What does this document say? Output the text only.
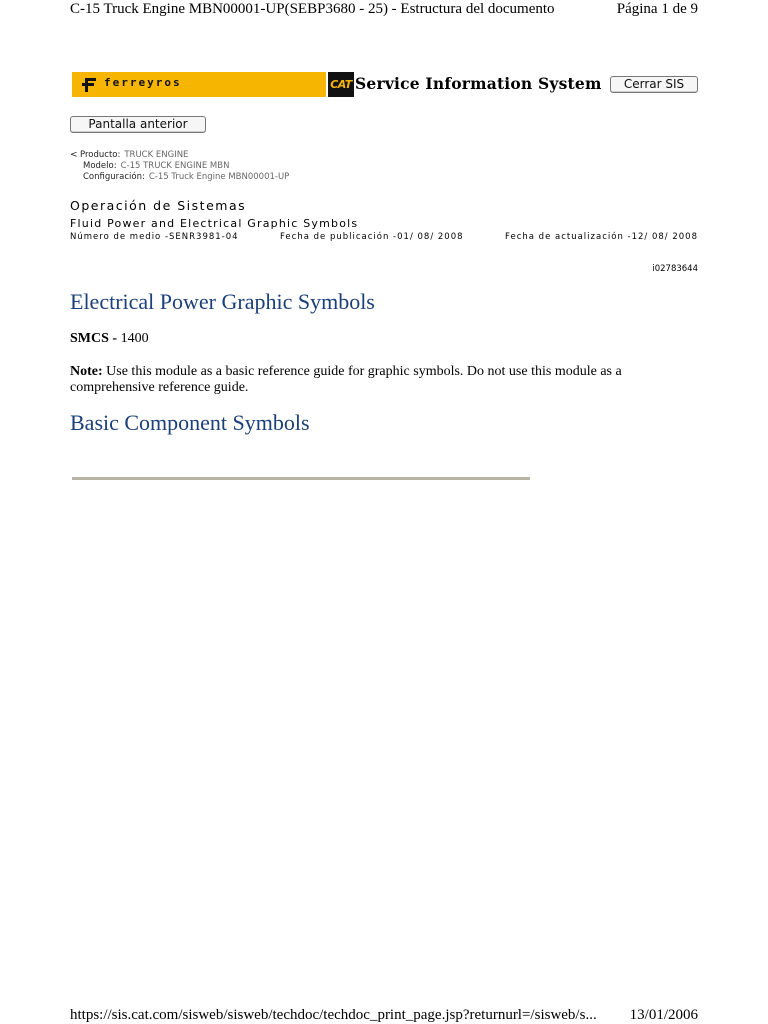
C-15 Truck Engine MBN00001-UP(SEBP3680 - 25) - Estructura del documento	Página 1 de 9
ferreyros	CAT Service Information System	Cerrar SIS
Pantalla anterior
< Producto: TRUCK ENGINE
Modelo: C-15 TRUCK ENGINE MBN
Configuración: C-15 Truck Engine MBN00001-UP
Operación de Sistemas
Fluid Power and Electrical Graphic Symbols
Número de medio -SENR3981-04	Fecha de publicación -01/ 08/ 2008	Fecha de actualización -12/ 08/ 2008
i02783644
Electrical Power Graphic Symbols
SMCS - 1400
Note: Use this module as a basic reference guide for graphic symbols. Do not use this module as a comprehensive reference guide.
Basic Component Symbols
https://sis.cat.com/sisweb/sisweb/techdoc/techdoc_print_page.jsp?returnurl=/sisweb/s... 13/01/2006
